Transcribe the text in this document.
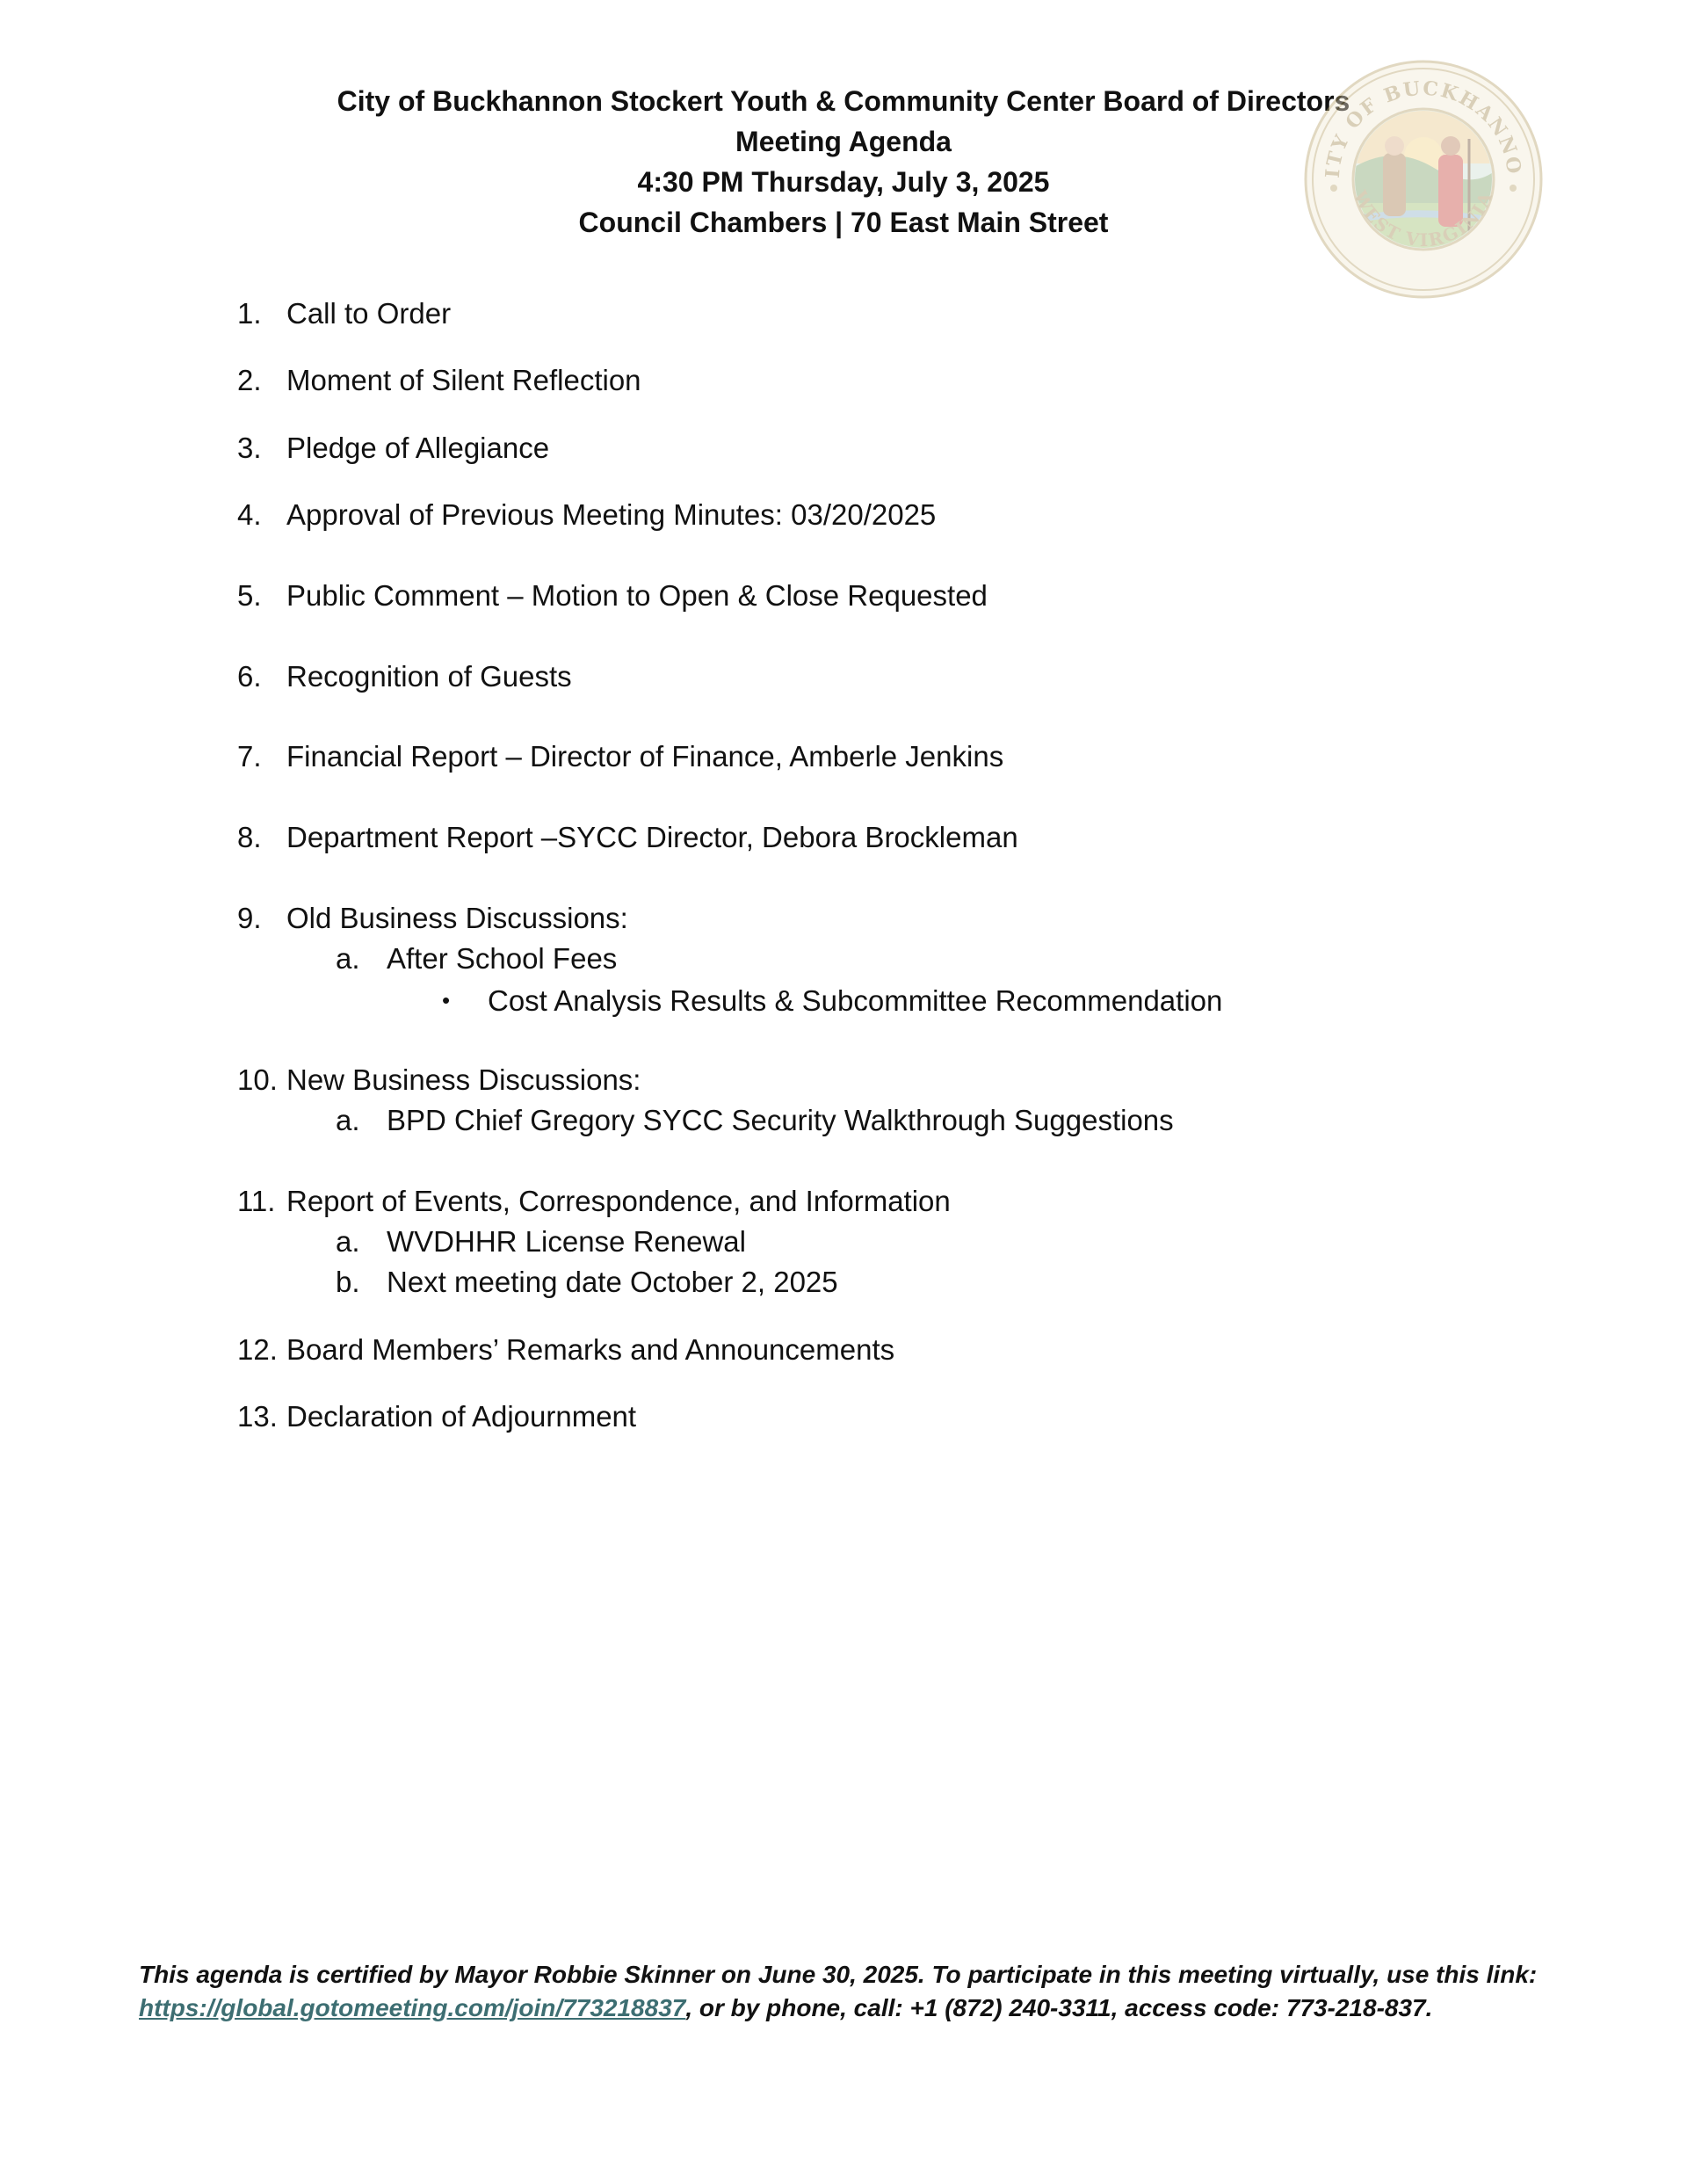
City of Buckhannon Stockert Youth & Community Center Board of Directors
Meeting Agenda
4:30 PM Thursday, July 3, 2025
Council Chambers | 70 East Main Street
ITY OF BUCKHANNO
WEST VIRGINIA
1. Call to Order
2. Moment of Silent Reflection
3. Pledge of Allegiance
4. Approval of Previous Meeting Minutes: 03/20/2025
5. Public Comment – Motion to Open & Close Requested
6. Recognition of Guests
7. Financial Report – Director of Finance, Amberle Jenkins
8. Department Report –SYCC Director, Debora Brockleman
9. Old Business Discussions:
a. After School Fees
• Cost Analysis Results & Subcommittee Recommendation
10. New Business Discussions:
a. BPD Chief Gregory SYCC Security Walkthrough Suggestions
11. Report of Events, Correspondence, and Information
a. WVDHHR License Renewal
b. Next meeting date October 2, 2025
12. Board Members’ Remarks and Announcements
13. Declaration of Adjournment
This agenda is certified by Mayor Robbie Skinner on June 30, 2025. To participate in this meeting virtually, use this link: https://global.gotomeeting.com/join/773218837, or by phone, call: +1 (872) 240-3311, access code: 773-218-837.
